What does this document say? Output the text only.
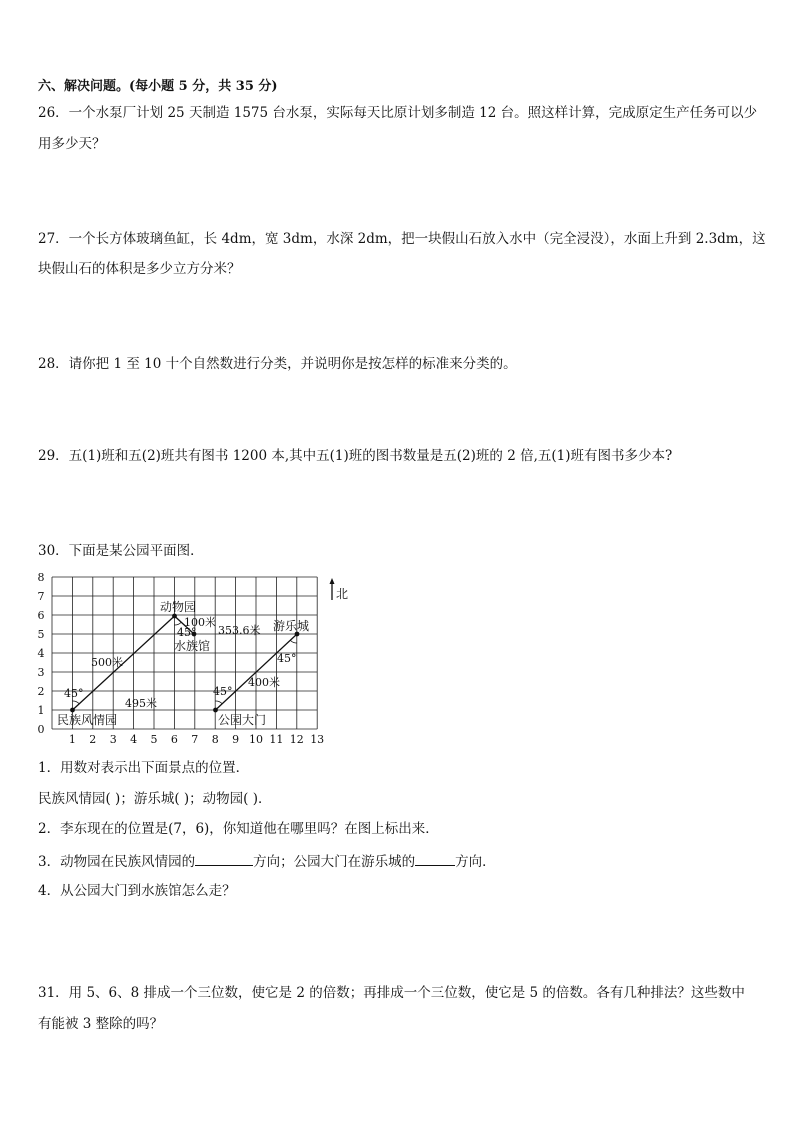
六、解决问题。(每小题 5 分，共 35 分)
26．一个水泵厂计划 25 天制造 1575 台水泵，实际每天比原计划多制造 12 台。照这样计算，完成原定生产任务可以少
用多少天？
27．一个长方体玻璃鱼缸，长 4dm，宽 3dm，水深 2dm，把一块假山石放入水中（完全浸没），水面上升到 2.3dm，这
块假山石的体积是多少立方分米？
28．请你把 1 至 10 十个自然数进行分类，并说明你是按怎样的标准来分类的。
29．五(1)班和五(2)班共有图书 1200 本,其中五(1)班的图书数量是五(2)班的 2 倍,五(1)班有图书多少本?
30．下面是某公园平面图．
1 2 3 4 5 6 7 8 9 10 11 12 13
0
1
2
3
4
5
6
7
8
北
动物园
水族馆
游乐城
民族风情园	公园大门
500米
100米
353.6米
400米
495米
45°
45°
45°
45°
1．用数对表示出下面景点的位置．
民族风情园( )；游乐城( )；动物园( )．
2．李东现在的位置是(7，6)，你知道他在哪里吗？在图上标出来．
3．动物园在民族风情园的	方向；公园大门在游乐城的	方向．
4．从公园大门到水族馆怎么走？
31．用 5、6、8 排成一个三位数，使它是 2 的倍数；再排成一个三位数，使它是 5 的倍数。各有几种排法？这些数中
有能被 3 整除的吗？
